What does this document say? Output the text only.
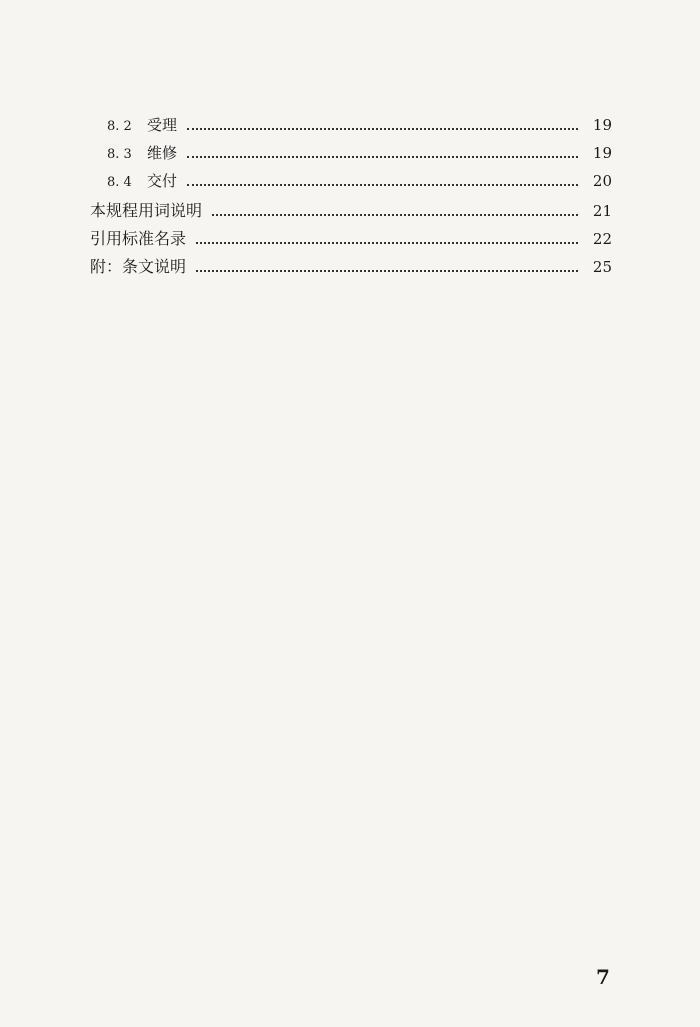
8. 2	受理	19
8. 3	维修	19
8. 4	交付	20
本规程用词说明	21
引用标准名录	22
附：条文说明	25
7
